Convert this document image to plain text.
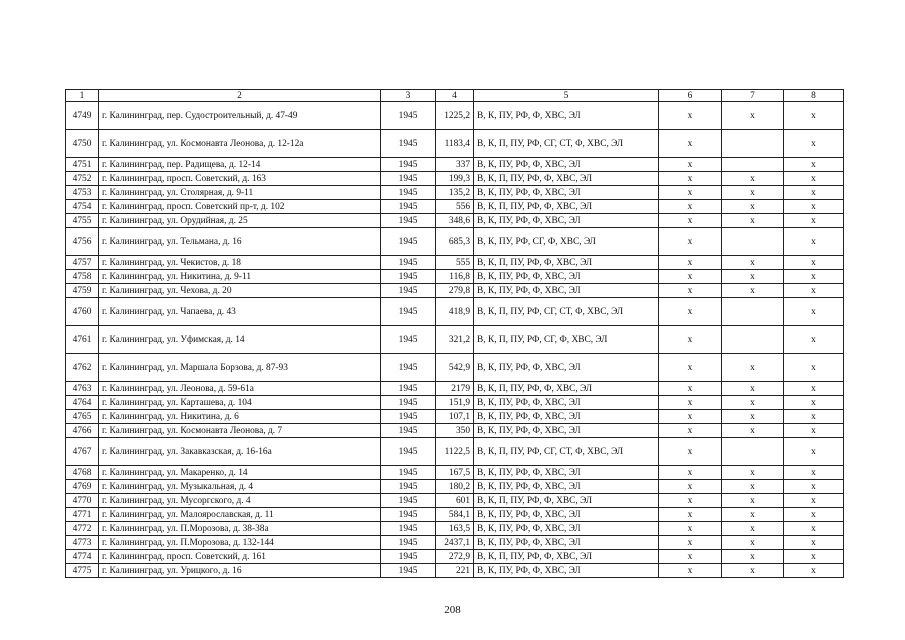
1	2	3	4	5	6	7	8
4749	г. Калининград, пер. Судостроительный, д. 47-49	1945	1225,2	В, К, ПУ, РФ, Ф, ХВС, ЭЛ	х	х	х
4750	г. Калининград, ул. Космонавта Леонова, д. 12-12а	1945	1183,4	В, К, П, ПУ, РФ, СГ, СТ, Ф, ХВС, ЭЛ	х		х
4751	г. Калининград, пер. Радищева, д. 12-14	1945	337	В, К, ПУ, РФ, Ф, ХВС, ЭЛ	х		х
4752	г. Калининград, просп. Советский, д. 163	1945	199,3	В, К, П, ПУ, РФ, Ф, ХВС, ЭЛ	х	х	х
4753	г. Калининград, ул. Столярная, д. 9-11	1945	135,2	В, К, ПУ, РФ, Ф, ХВС, ЭЛ	х	х	х
4754	г. Калининград, просп. Советский пр-т, д. 102	1945	556	В, К, П, ПУ, РФ, Ф, ХВС, ЭЛ	х	х	х
4755	г. Калининград, ул. Орудийная, д. 25	1945	348,6	В, К, ПУ, РФ, Ф, ХВС, ЭЛ	х	х	х
4756	г. Калининград, ул. Тельмана, д. 16	1945	685,3	В, К, ПУ, РФ, СГ, Ф, ХВС, ЭЛ	х		х
4757	г. Калининград, ул. Чекистов, д. 18	1945	555	В, К, П, ПУ, РФ, Ф, ХВС, ЭЛ	х	х	х
4758	г. Калининград, ул. Никитина, д. 9-11	1945	116,8	В, К, ПУ, РФ, Ф, ХВС, ЭЛ	х	х	х
4759	г. Калининград, ул. Чехова, д. 20	1945	279,8	В, К, ПУ, РФ, Ф, ХВС, ЭЛ	х	х	х
4760	г. Калининград, ул. Чапаева, д. 43	1945	418,9	В, К, П, ПУ, РФ, СГ, СТ, Ф, ХВС, ЭЛ	х		х
4761	г. Калининград, ул. Уфимская, д. 14	1945	321,2	В, К, П, ПУ, РФ, СГ, Ф, ХВС, ЭЛ	х		х
4762	г. Калининград, ул. Маршала Борзова, д. 87-93	1945	542,9	В, К, ПУ, РФ, Ф, ХВС, ЭЛ	х	х	х
4763	г. Калининград, ул. Леонова, д. 59-61а	1945	2179	В, К, П, ПУ, РФ, Ф, ХВС, ЭЛ	х	х	х
4764	г. Калининград, ул. Карташева, д. 104	1945	151,9	В, К, ПУ, РФ, Ф, ХВС, ЭЛ	х	х	х
4765	г. Калининград, ул. Никитина, д. 6	1945	107,1	В, К, ПУ, РФ, Ф, ХВС, ЭЛ	х	х	х
4766	г. Калининград, ул. Космонавта Леонова, д. 7	1945	350	В, К, ПУ, РФ, Ф, ХВС, ЭЛ	х	х	х
4767	г. Калининград, ул. Закавказская, д. 16-16а	1945	1122,5	В, К, П, ПУ, РФ, СГ, СТ, Ф, ХВС, ЭЛ	х		х
4768	г. Калининград, ул. Макаренко, д. 14	1945	167,5	В, К, ПУ, РФ, Ф, ХВС, ЭЛ	х	х	х
4769	г. Калининград, ул. Музыкальная, д. 4	1945	180,2	В, К, ПУ, РФ, Ф, ХВС, ЭЛ	х	х	х
4770	г. Калининград, ул. Мусоргского, д. 4	1945	601	В, К, П, ПУ, РФ, Ф, ХВС, ЭЛ	х	х	х
4771	г. Калининград, ул. Малоярославская, д. 11	1945	584,1	В, К, ПУ, РФ, Ф, ХВС, ЭЛ	х	х	х
4772	г. Калининград, ул. П.Морозова, д. 38-38а	1945	163,5	В, К, ПУ, РФ, Ф, ХВС, ЭЛ	х	х	х
4773	г. Калининград, ул. П.Морозова, д. 132-144	1945	2437,1	В, К, ПУ, РФ, Ф, ХВС, ЭЛ	х	х	х
4774	г. Калининград, просп. Советский, д. 161	1945	272,9	В, К, П, ПУ, РФ, Ф, ХВС, ЭЛ	х	х	х
4775	г. Калининград, ул. Урицкого, д. 16	1945	221	В, К, ПУ, РФ, Ф, ХВС, ЭЛ	х	х	х
208
